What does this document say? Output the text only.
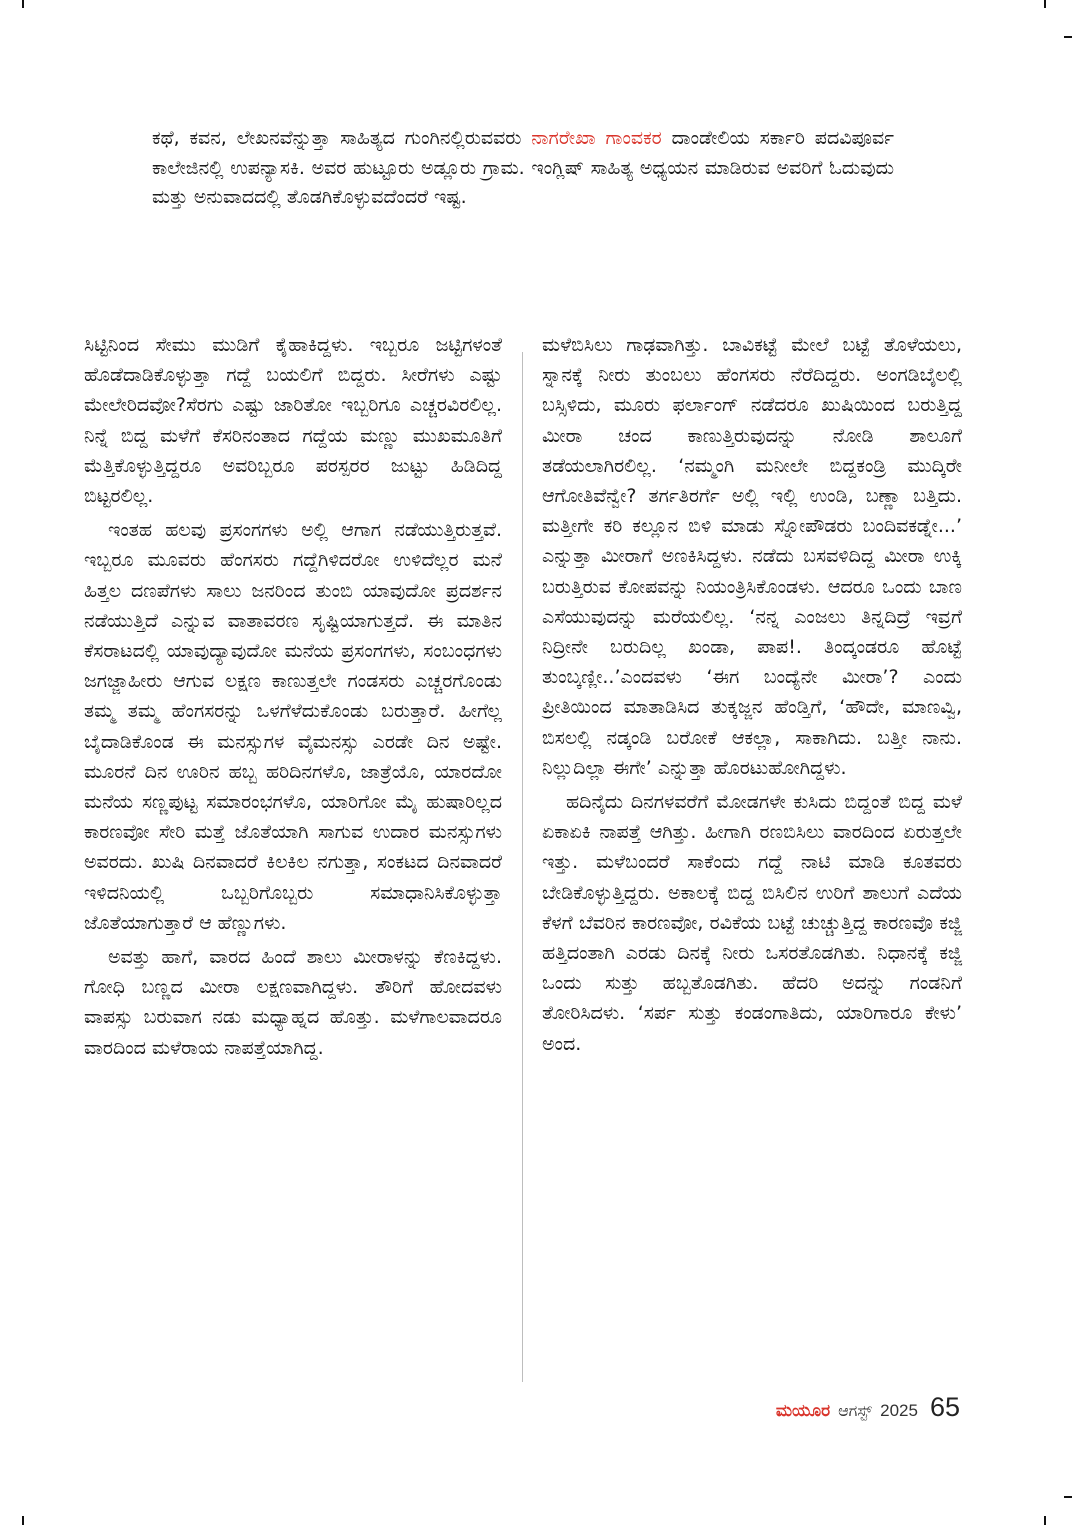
ಕಥೆ, ಕವನ, ಲೇಖನವೆನ್ನುತ್ತಾ ಸಾಹಿತ್ಯದ ಗುಂಗಿನಲ್ಲಿರುವವರು ನಾಗರೇಖಾ ಗಾಂವಕರ ದಾಂಡೇಲಿಯ ಸರ್ಕಾರಿ ಪದವಿಪೂರ್ವ ಕಾಲೇಜಿನಲ್ಲಿ ಉಪನ್ಯಾಸಕಿ. ಅವರ ಹುಟ್ಟೂರು ಅಡ್ಲೂರು ಗ್ರಾಮ. ಇಂಗ್ಲಿಷ್ ಸಾಹಿತ್ಯ ಅಧ್ಯಯನ ಮಾಡಿರುವ ಅವರಿಗೆ ಓದುವುದು ಮತ್ತು ಅನುವಾದದಲ್ಲಿ ತೊಡಗಿಕೊಳ್ಳುವದೆಂದರೆ ಇಷ್ಟ.

ಸಿಟ್ಟಿನಿಂದ ಸೇಮು ಮುಡಿಗೆ ಕೈಹಾಕಿದ್ದಳು. ಇಬ್ಬರೂ ಜಟ್ಟಿಗಳಂತೆ ಹೊಡೆದಾಡಿಕೊಳ್ಳುತ್ತಾ ಗದ್ದೆ ಬಯಲಿಗೆ ಬಿದ್ದರು. ಸೀರೆಗಳು ಎಷ್ಟು ಮೇಲೇರಿದವೋ?ಸೆರಗು ಎಷ್ಟು ಜಾರಿತೋ ಇಬ್ಬರಿಗೂ ಎಚ್ಚರವಿರಲಿಲ್ಲ. ನಿನ್ನೆ ಬಿದ್ದ ಮಳೆಗೆ ಕೆಸರಿನಂತಾದ ಗದ್ದೆಯ ಮಣ್ಣು ಮುಖಮೂತಿಗೆ ಮೆತ್ತಿಕೊಳ್ಳುತ್ತಿದ್ದರೂ ಅವರಿಬ್ಬರೂ ಪರಸ್ಪರರ ಜುಟ್ಟು ಹಿಡಿದಿದ್ದ ಬಿಟ್ಟರಲಿಲ್ಲ.

ಇಂತಹ ಹಲವು ಪ್ರಸಂಗಗಳು ಅಲ್ಲಿ ಆಗಾಗ ನಡೆಯುತ್ತಿರುತ್ತವೆ. ಇಬ್ಬರೂ ಮೂವರು ಹೆಂಗಸರು ಗದ್ದೆಗಿಳಿದರೋ ಉಳಿದೆಲ್ಲರ ಮನೆ ಹಿತ್ತಲ ದಣಪೆಗಳು ಸಾಲು ಜನರಿಂದ ತುಂಬಿ ಯಾವುದೋ ಪ್ರದರ್ಶನ ನಡೆಯುತ್ತಿದೆ ಎನ್ನುವ ವಾತಾವರಣ ಸೃಷ್ಟಿಯಾಗುತ್ತದೆ. ಈ ಮಾತಿನ ಕೆಸರಾಟದಲ್ಲಿ ಯಾವುದ್ಯಾವುದೋ ಮನೆಯ ಪ್ರಸಂಗಗಳು, ಸಂಬಂಧಗಳು ಜಗಜ್ಜಾಹೀರು ಆಗುವ ಲಕ್ಷಣ ಕಾಣುತ್ತಲೇ ಗಂಡಸರು ಎಚ್ಚರಗೊಂಡು ತಮ್ಮ ತಮ್ಮ ಹೆಂಗಸರನ್ನು ಒಳಗೆಳೆದುಕೊಂಡು ಬರುತ್ತಾರೆ. ಹೀಗೆಲ್ಲ ಬೈದಾಡಿಕೊಂಡ ಈ ಮನಸ್ಸುಗಳ ವೈಮನಸ್ಸು ಎರಡೇ ದಿನ ಅಷ್ಟೇ. ಮೂರನೆ ದಿನ ಊರಿನ ಹಬ್ಬ ಹರಿದಿನಗಳೊ, ಜಾತ್ರೆಯೊ, ಯಾರದೋ ಮನೆಯ ಸಣ್ಣಪುಟ್ಟ ಸಮಾರಂಭಗಳೊ, ಯಾರಿಗೋ ಮೈ ಹುಷಾರಿಲ್ಲದ ಕಾರಣವೋ ಸೇರಿ ಮತ್ತೆ ಜೊತೆಯಾಗಿ ಸಾಗುವ ಉದಾರ ಮನಸ್ಸುಗಳು ಅವರದು. ಖುಷಿ ದಿನವಾದರೆ ಕಿಲಕಿಲ ನಗುತ್ತಾ, ಸಂಕಟದ ದಿನವಾದರೆ ಇಳಿದನಿಯಲ್ಲಿ ಒಬ್ಬರಿಗೊಬ್ಬರು ಸಮಾಧಾನಿಸಿಕೊಳ್ಳುತ್ತಾ ಜೊತೆಯಾಗುತ್ತಾರೆ ಆ ಹೆಣ್ಣುಗಳು.

ಅವತ್ತು ಹಾಗೆ, ವಾರದ ಹಿಂದೆ ಶಾಲು ಮೀರಾಳನ್ನು ಕೆಣಕಿದ್ದಳು. ಗೋಧಿ ಬಣ್ಣದ ಮೀರಾ ಲಕ್ಷಣವಾಗಿದ್ದಳು. ತೌರಿಗೆ ಹೋದವಳು ವಾಪಸ್ಸು ಬರುವಾಗ ನಡು ಮಧ್ಯಾಹ್ನದ ಹೊತ್ತು. ಮಳೆಗಾಲವಾದರೂ ವಾರದಿಂದ ಮಳೆರಾಯ ನಾಪತ್ತೆಯಾಗಿದ್ದ.

ಮಳೆಬಿಸಿಲು ಗಾಢವಾಗಿತ್ತು. ಬಾವಿಕಟ್ಟೆ ಮೇಲೆ ಬಟ್ಟೆ ತೊಳೆಯಲು, ಸ್ನಾನಕ್ಕೆ ನೀರು ತುಂಬಲು ಹೆಂಗಸರು ನೆರೆದಿದ್ದರು. ಅಂಗಡಿಬೈಲಲ್ಲಿ ಬಸ್ಸಿಳಿದು, ಮೂರು ಫರ್ಲಾಂಗ್ ನಡೆದರೂ ಖುಷಿಯಿಂದ ಬರುತ್ತಿದ್ದ ಮೀರಾ ಚಂದ ಕಾಣುತ್ತಿರುವುದನ್ನು ನೋಡಿ ಶಾಲೂಗೆ ತಡೆಯಲಾಗಿರಲಿಲ್ಲ. ‘ನಮ್ಮಂಗಿ ಮನೀಲೇ ಬಿದ್ದಕಂಡ್ರಿ ಮುದ್ಕಿರೇ ಆಗೋತಿವೆನ್ವೇ? ತರ್ಗತಿರರ್ಗೆ ಅಲ್ಲಿ ಇಲ್ಲಿ ಉಂಡಿ, ಬಣ್ಣಾ ಬತ್ತಿದು. ಮತ್ತೀಗೇ ಕರಿ ಕಲ್ಲೂನ ಬಿಳಿ ಮಾಡು ಸ್ನೋಪೌಡರು ಬಂದಿವಕಡ್ನೇ...’ ಎನ್ನುತ್ತಾ ಮೀರಾಗೆ ಅಣಕಿಸಿದ್ದಳು. ನಡೆದು ಬಸವಳಿದಿದ್ದ ಮೀರಾ ಉಕ್ಕಿ ಬರುತ್ತಿರುವ ಕೋಪವನ್ನು ನಿಯಂತ್ರಿಸಿಕೊಂಡಳು. ಆದರೂ ಒಂದು ಬಾಣ ಎಸೆಯುವುದನ್ನು ಮರೆಯಲಿಲ್ಲ. ‘ನನ್ನ ಎಂಜಲು ತಿನ್ನದಿದ್ರೆ ಇವ್ರಗೆ ನಿದ್ರೀನೇ ಬರುದಿಲ್ಲ ಖಂಡಾ, ಪಾಪ!. ತಿಂದ್ಕಂಡರೂ ಹೊಟ್ಟೆ ತುಂಬ್ಕಣ್ಲೀ..’ಎಂದವಳು ‘ಈಗ ಬಂದ್ಯೆನೇ ಮೀರಾ’? ಎಂದು ಪ್ರೀತಿಯಿಂದ ಮಾತಾಡಿಸಿದ ತುಕ್ಕಜ್ಜನ ಹೆಂಡ್ತಿಗೆ, ‘ಹೌದೇ, ಮಾಣವ್ವಿ, ಬಿಸಲಲ್ಲಿ ನಡ್ಕಂಡಿ ಬರೋಕೆ ಆಕಲ್ಲಾ, ಸಾಕಾಗಿದು. ಬತ್ತೀ ನಾನು. ನಿಲ್ಲುದಿಲ್ಲಾ ಈಗೇ’ ಎನ್ನುತ್ತಾ ಹೊರಟುಹೋಗಿದ್ದಳು.

ಹದಿನೈದು ದಿನಗಳವರೆಗೆ ಮೋಡಗಳೇ ಕುಸಿದು ಬಿದ್ದಂತೆ ಬಿದ್ದ ಮಳೆ ಏಕಾಏಕಿ ನಾಪತ್ತೆ ಆಗಿತ್ತು. ಹೀಗಾಗಿ ರಣಬಿಸಿಲು ವಾರದಿಂದ ಏರುತ್ತಲೇ ಇತ್ತು. ಮಳೆಬಂದರೆ ಸಾಕೆಂದು ಗದ್ದೆ ನಾಟಿ ಮಾಡಿ ಕೂತವರು ಬೇಡಿಕೊಳ್ಳುತ್ತಿದ್ದರು. ಅಕಾಲಕ್ಕೆ ಬಿದ್ದ ಬಿಸಿಲಿನ ಉರಿಗೆ ಶಾಲುಗೆ ಎದೆಯ ಕೆಳಗೆ ಬೆವರಿನ ಕಾರಣವೋ, ರವಿಕೆಯ ಬಟ್ಟೆ ಚುಚ್ಚುತ್ತಿದ್ದ ಕಾರಣವೊ ಕಜ್ಜಿ ಹತ್ತಿದಂತಾಗಿ ಎರಡು ದಿನಕ್ಕೆ ನೀರು ಒಸರತೊಡಗಿತು. ನಿಧಾನಕ್ಕೆ ಕಜ್ಜಿ ಒಂದು ಸುತ್ತು ಹಬ್ಬತೊಡಗಿತು. ಹೆದರಿ ಅದನ್ನು ಗಂಡನಿಗೆ ತೋರಿಸಿದಳು. ‘ಸರ್ಪ ಸುತ್ತು ಕಂಡಂಗಾತಿದು, ಯಾರಿಗಾರೂ ಕೇಳು’ ಅಂದ.

ಮಯೂರ ಆಗಸ್ಟ್ 2025 65
